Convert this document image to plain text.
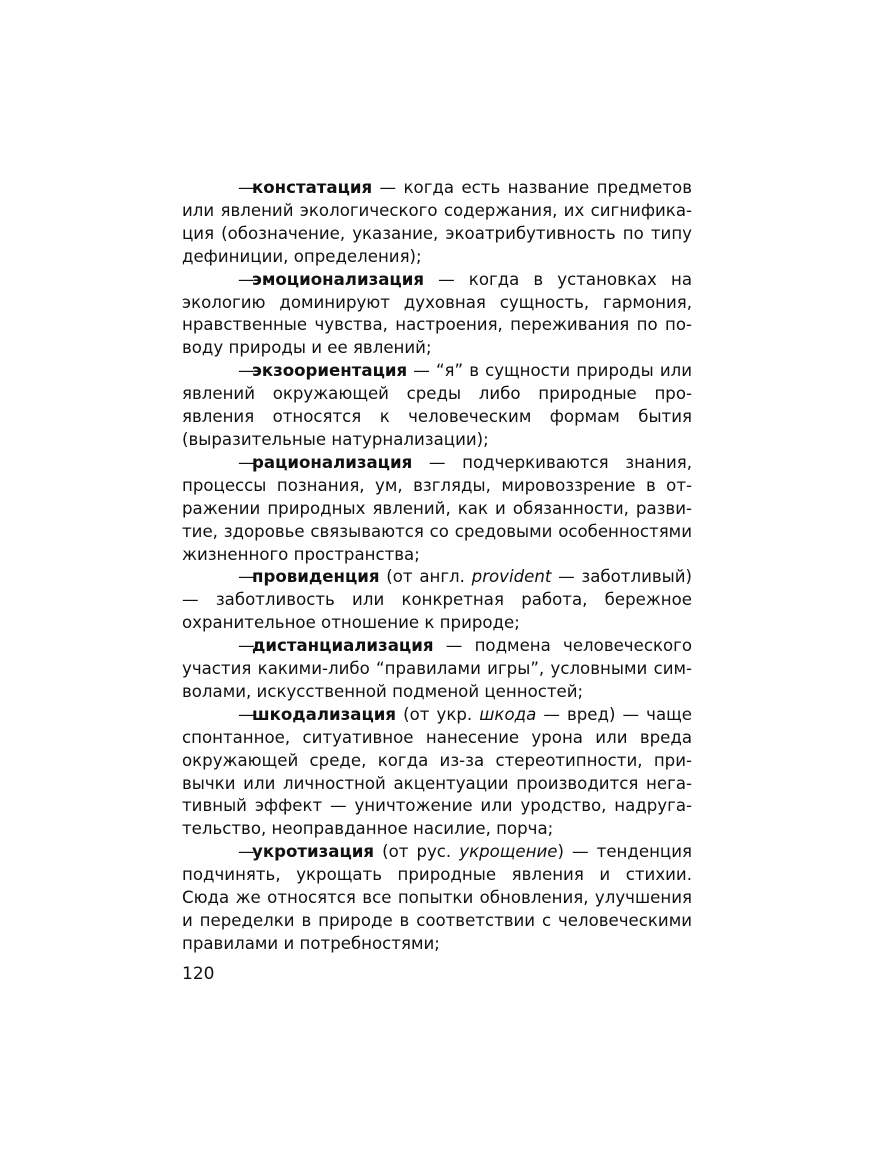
—констатация — когда есть название предметов или явлений экологического содержания, их сигнификация (обозначение, указание, экоатрибутивность по типу дефиниции, определения);

—эмоционализация — когда в установках на экологию доминируют духовная сущность, гармония, нравственные чувства, настроения, переживания по поводу природы и ее явлений;

—экзоориентация — “я” в сущности природы или явлений окружающей среды либо природные проявления относятся к человеческим формам бытия (выразительные натурнализации);

—рационализация — подчеркиваются знания, процессы познания, ум, взгляды, мировоззрение в отражении природных явлений, как и обязанности, развитие, здоровье связываются со средовыми особенностями жизненного пространства;

—провиденция (от англ. provident — заботливый) — заботливость или конкретная работа, бережное охранительное отношение к природе;

—дистанциализация — подмена человеческого участия какими-либо “правилами игры”, условными символами, искусственной подменой ценностей;

—шкодализация (от укр. шкода — вред) — чаще спонтанное, ситуативное нанесение урона или вреда окружающей среде, когда из-за стереотипности, привычки или личностной акцентуации производится негативный эффект — уничтожение или уродство, надругательство, неоправданное насилие, порча;

—укротизация (от рус. укрощение) — тенденция подчинять, укрощать природные явления и стихии. Сюда же относятся все попытки обновления, улучшения и переделки в природе в соответствии с человеческими правилами и потребностями;

120
